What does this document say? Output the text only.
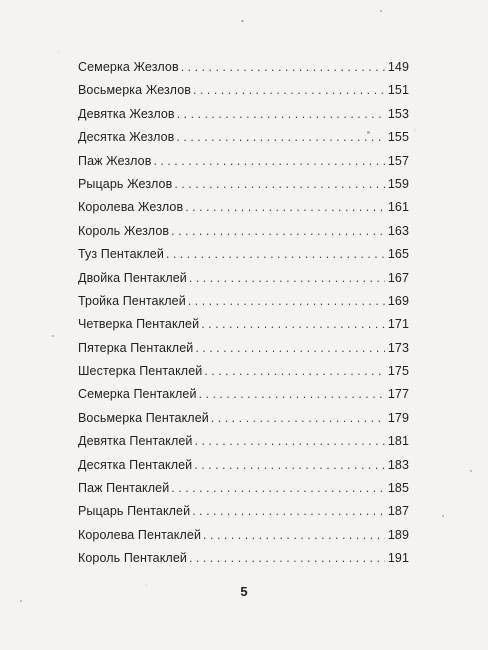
Семерка Жезлов . . .	149
Восьмерка Жезлов . . .	151
Девятка Жезлов . . .	153
Десятка Жезлов . . .	155
Паж Жезлов . . .	157
Рыцарь Жезлов . . .	159
Королева Жезлов . . .	161
Король Жезлов . . .	163
Туз Пентаклей . . .	165
Двойка Пентаклей . . .	167
Тройка Пентаклей . . .	169
Четверка Пентаклей . . .	171
Пятерка Пентаклей . . .	173
Шестерка Пентаклей . . .	175
Семерка Пентаклей . . .	177
Восьмерка Пентаклей . . .	179
Девятка Пентаклей . . .	181
Десятка Пентаклей . . .	183
Паж Пентаклей . . .	185
Рыцарь Пентаклей . . .	187
Королева Пентаклей . . .	189
Король Пентаклей . . .	191
5
